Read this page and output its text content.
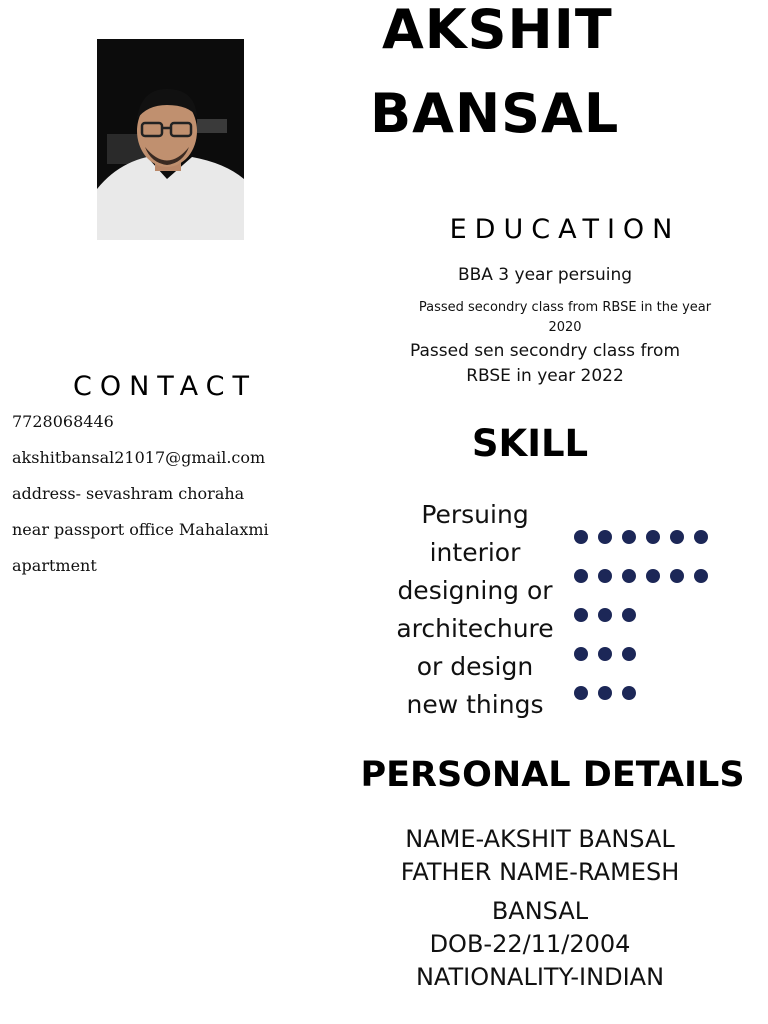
AKSHIT
BANSAL
EDUCATION
BBA 3 year persuing
Passed secondry class from RBSE in the year
2020
Passed sen secondry class from
RBSE in year 2022
CONTACT
7728068446
akshitbansal21017@gmail.com
address- sevashram choraha
near passport office Mahalaxmi
apartment
SKILL
Persuing
interior
designing or
architechure
or design
new things
PERSONAL DETAILS
NAME-AKSHIT BANSAL
FATHER NAME-RAMESH
BANSAL
DOB-22/11/2004
NATIONALITY-INDIAN
